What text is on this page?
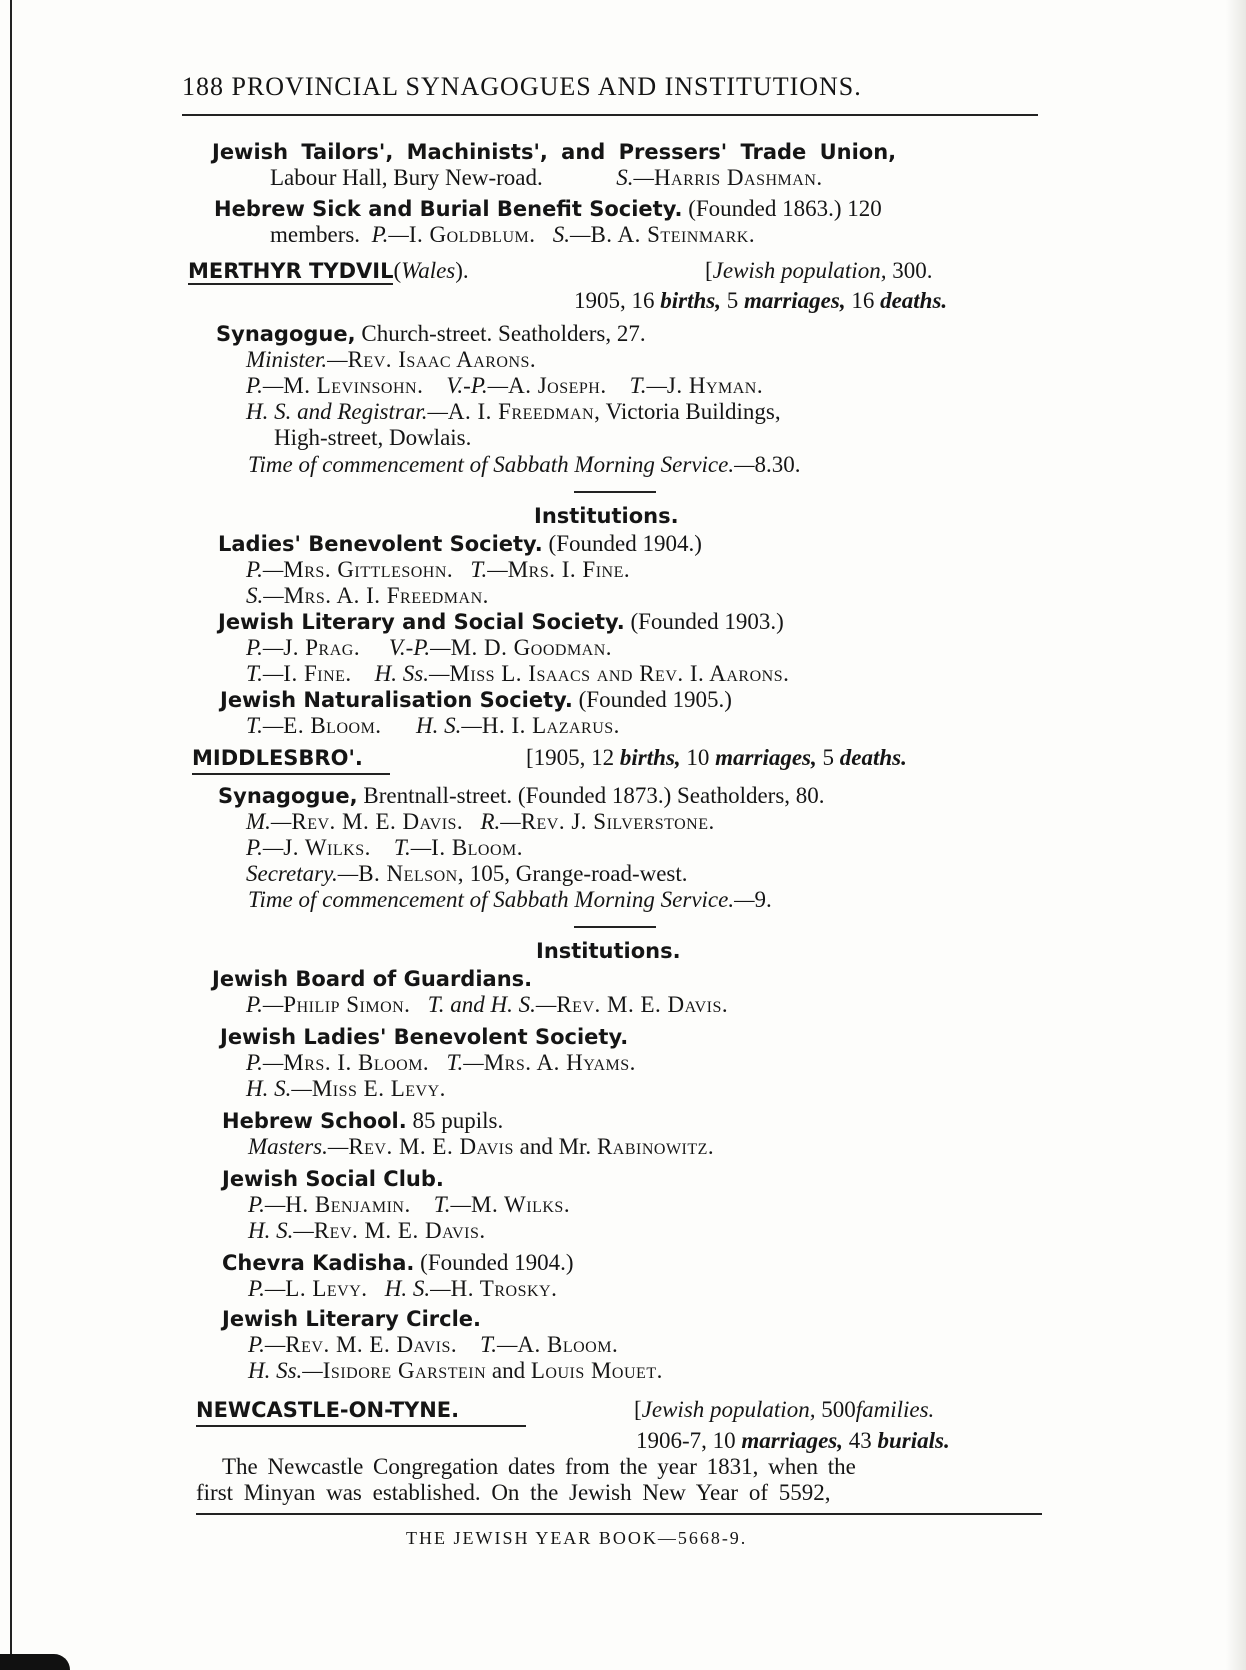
188 PROVINCIAL SYNAGOGUES AND INSTITUTIONS.
Jewish Tailors', Machinists', and Pressers' Trade Union,
Labour Hall, Bury New-road.	S.—Harris Dashman.
Hebrew Sick and Burial Benefit Society. (Founded 1863.) 120
members. P.—I. Goldblum. S.—B. A. Steinmark.
MERTHYR TYDVIL(Wales).	[Jewish population, 300.
1905, 16 births, 5 marriages, 16 deaths.
Synagogue, Church-street. Seatholders, 27.
Minister.—Rev. Isaac Aarons.
P.—M. Levinsohn. V.-P.—A. Joseph. T.—J. Hyman.
H. S. and Registrar.—A. I. Freedman, Victoria Buildings,
High-street, Dowlais.
Time of commencement of Sabbath Morning Service.—8.30.
Institutions.
Ladies' Benevolent Society. (Founded 1904.)
P.—Mrs. Gittlesohn. T.—Mrs. I. Fine.
S.—Mrs. A. I. Freedman.
Jewish Literary and Social Society. (Founded 1903.)
P.—J. Prag. V.-P.—M. D. Goodman.
T.—I. Fine. H. Ss.—Miss L. Isaacs and Rev. I. Aarons.
Jewish Naturalisation Society. (Founded 1905.)
T.—E. Bloom. H. S.—H. I. Lazarus.
MIDDLESBRO'.	[1905, 12 births, 10 marriages, 5 deaths.
Synagogue, Brentnall-street. (Founded 1873.) Seatholders, 80.
M.—Rev. M. E. Davis. R.—Rev. J. Silverstone.
P.—J. Wilks. T.—I. Bloom.
Secretary.—B. Nelson, 105, Grange-road-west.
Time of commencement of Sabbath Morning Service.—9.
Institutions.
Jewish Board of Guardians.
P.—Philip Simon. T. and H. S.—Rev. M. E. Davis.
Jewish Ladies' Benevolent Society.
P.—Mrs. I. Bloom. T.—Mrs. A. Hyams.
H. S.—Miss E. Levy.
Hebrew School. 85 pupils.
Masters.—Rev. M. E. Davis and Mr. Rabinowitz.
Jewish Social Club.
P.—H. Benjamin. T.—M. Wilks.
H. S.—Rev. M. E. Davis.
Chevra Kadisha. (Founded 1904.)
P.—L. Levy. H. S.—H. Trosky.
Jewish Literary Circle.
P.—Rev. M. E. Davis. T.—A. Bloom.
H. Ss.—Isidore Garstein and Louis Mouet.
NEWCASTLE-ON-TYNE.	[Jewish population, 500families.
1906-7, 10 marriages, 43 burials.
The Newcastle Congregation dates from the year 1831, when the
first Minyan was established. On the Jewish New Year of 5592,
THE JEWISH YEAR BOOK—5668-9.
